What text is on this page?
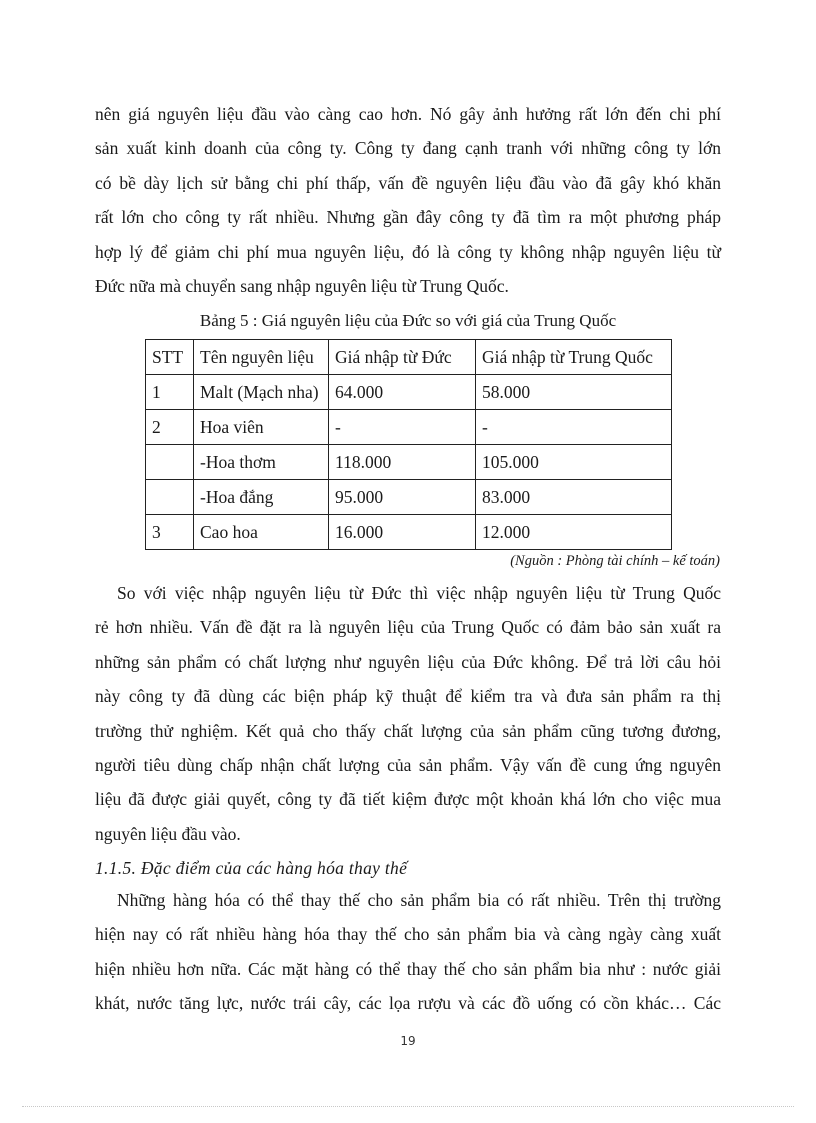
nên giá nguyên liệu đầu vào càng cao hơn. Nó gây ảnh hưởng rất lớn đến chi phí
sản xuất kinh doanh của công ty. Công ty đang cạnh tranh với những công ty lớn
có bề dày lịch sử bằng chi phí thấp, vấn đề nguyên liệu đầu vào đã gây khó khăn
rất lớn cho công ty rất nhiều. Nhưng gần đây công ty đã tìm ra một phương pháp
hợp lý để giảm chi phí mua nguyên liệu, đó là công ty không nhập nguyên liệu từ
Đức nữa mà chuyển sang nhập nguyên liệu từ Trung Quốc.
Bảng 5 : Giá nguyên liệu của Đức so với giá của Trung Quốc
STT	Tên nguyên liệu	Giá nhập từ Đức	Giá nhập từ Trung Quốc
1	Malt (Mạch nha)	64.000	58.000
2	Hoa viên	-	-
	-Hoa thơm	118.000	105.000
	-Hoa đắng	95.000	83.000
3	Cao hoa	16.000	12.000
(Nguồn : Phòng tài chính – kế toán)
So với việc nhập nguyên liệu từ Đức thì việc nhập nguyên liệu từ Trung Quốc
rẻ hơn nhiều. Vấn đề đặt ra là nguyên liệu của Trung Quốc có đảm bảo sản xuất ra
những sản phẩm có chất lượng như nguyên liệu của Đức không. Để trả lời câu hỏi
này công ty đã dùng các biện pháp kỹ thuật để kiểm tra và đưa sản phẩm ra thị
trường thử nghiệm. Kết quả cho thấy chất lượng của sản phẩm cũng tương đương,
người tiêu dùng chấp nhận chất lượng của sản phẩm. Vậy vấn đề cung ứng nguyên
liệu đã được giải quyết, công ty đã tiết kiệm được một khoản khá lớn cho việc mua
nguyên liệu đầu vào.
1.1.5. Đặc điểm của các hàng hóa thay thế
Những hàng hóa có thể thay thế cho sản phẩm bia có rất nhiều. Trên thị trường
hiện nay có rất nhiều hàng hóa thay thế cho sản phẩm bia và càng ngày càng xuất
hiện nhiều hơn nữa. Các mặt hàng có thể thay thế cho sản phẩm bia như : nước giải
khát, nước tăng lực, nước trái cây, các lọa rượu và các đồ uống có cồn khác… Các
19
